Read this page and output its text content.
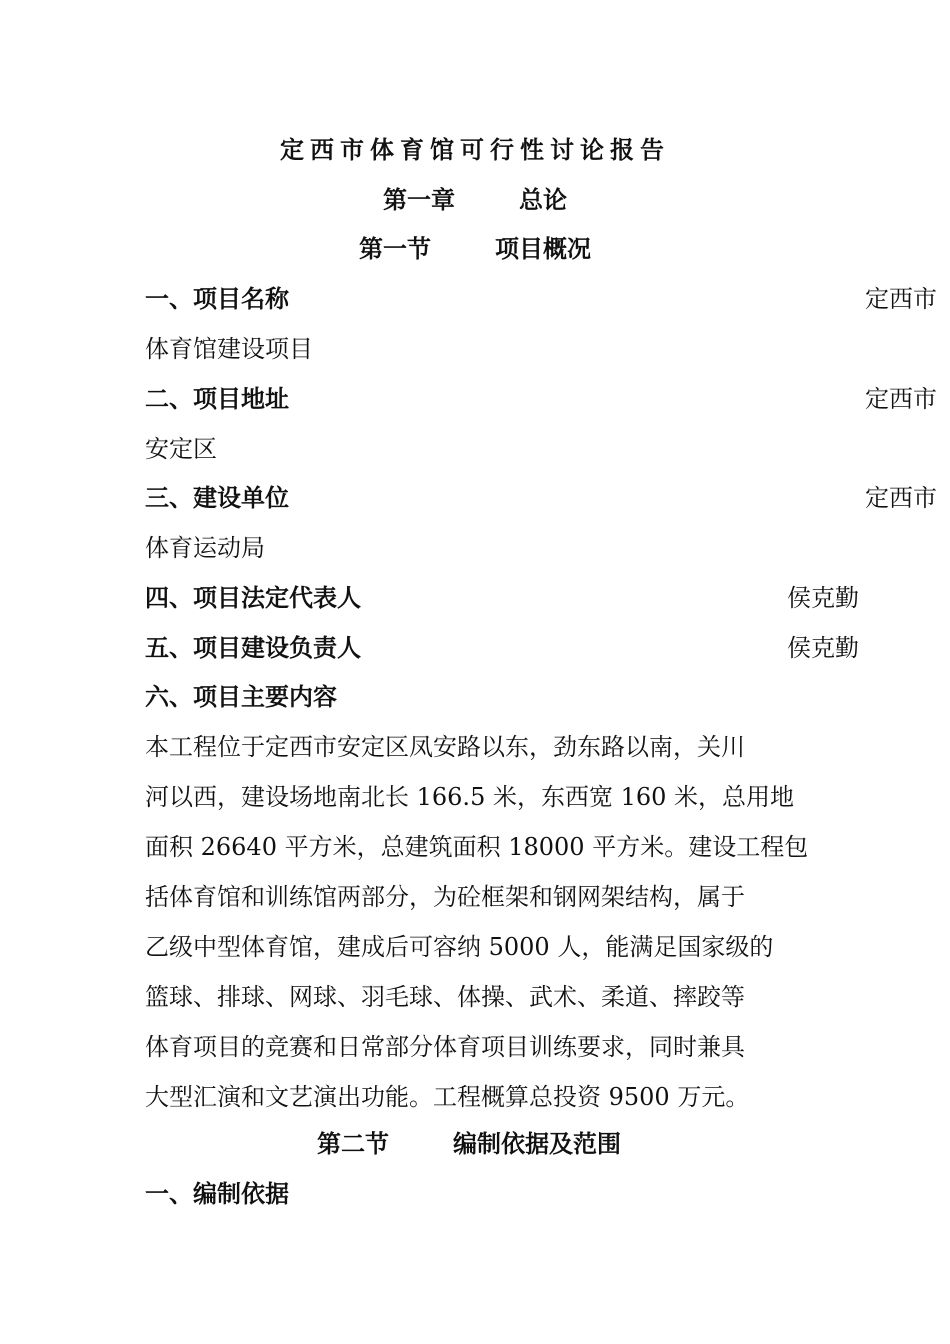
定西市体育馆可行性讨论报告
第一章	总论
第一节	项目概况
一、项目名称	定西市
体育馆建设项目
二、项目地址	定西市
安定区
三、建设单位	定西市
体育运动局
四、项目法定代表人	侯克勤
五、项目建设负责人	侯克勤
六、项目主要内容
本工程位于定西市安定区凤安路以东，劲东路以南，关川
河以西，建设场地南北长 166.5 米，东西宽 160 米，总用地
面积 26640 平方米，总建筑面积 18000 平方米。建设工程包
括体育馆和训练馆两部分，为砼框架和钢网架结构，属于
乙级中型体育馆，建成后可容纳 5000 人，能满足国家级的
篮球、排球、网球、羽毛球、体操、武术、柔道、摔跤等
体育项目的竞赛和日常部分体育项目训练要求，同时兼具
大型汇演和文艺演出功能。工程概算总投资 9500 万元。
第二节	编制依据及范围
一、编制依据
